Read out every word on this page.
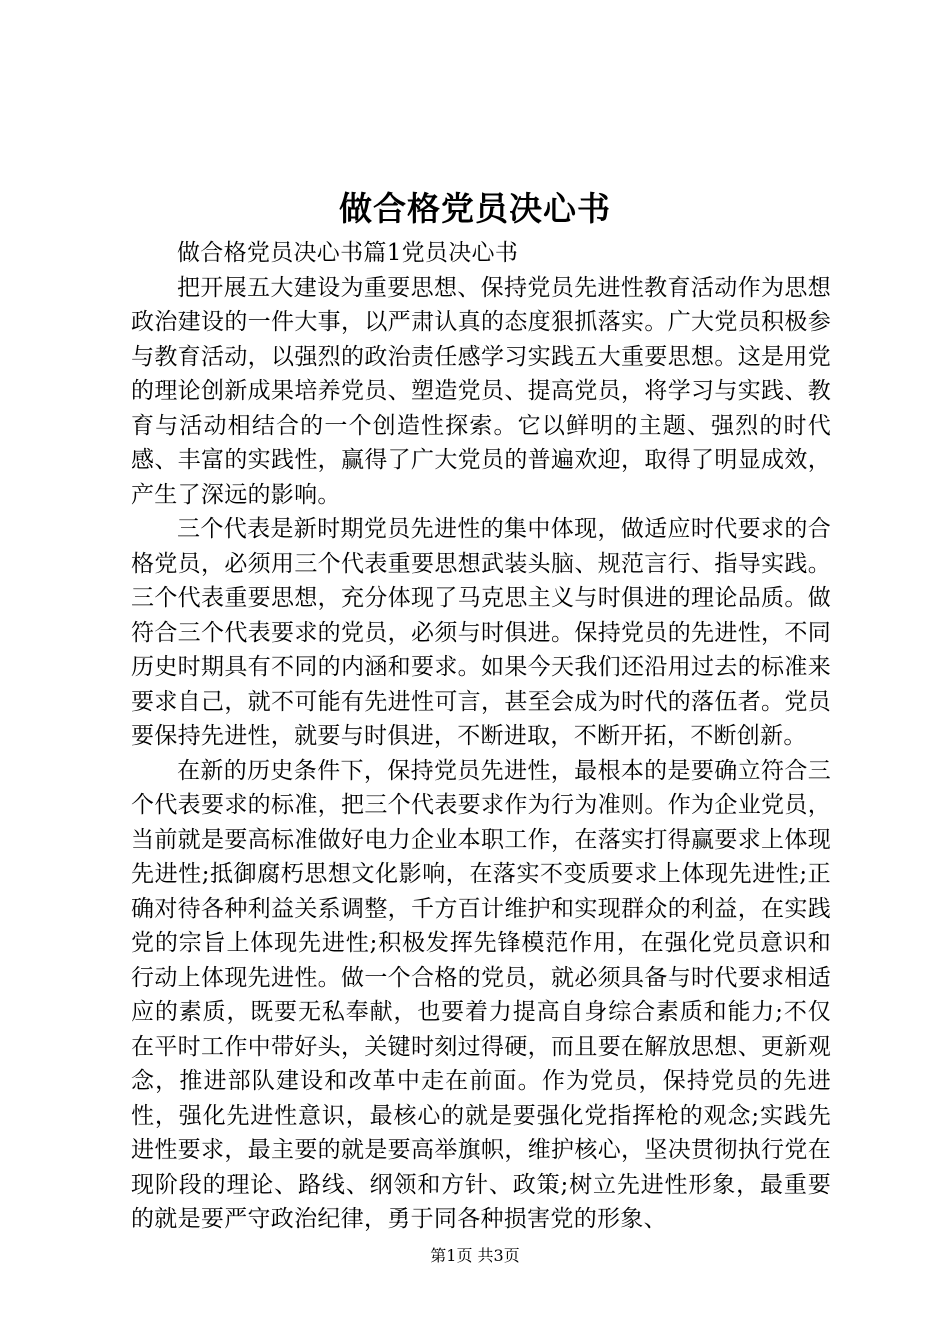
做合格党员决心书

做合格党员决心书篇1党员决心书

把开展五大建设为重要思想、保持党员先进性教育活动作为思想政治建设的一件大事，以严肃认真的态度狠抓落实。广大党员积极参与教育活动，以强烈的政治责任感学习实践五大重要思想。这是用党的理论创新成果培养党员、塑造党员、提高党员，将学习与实践、教育与活动相结合的一个创造性探索。它以鲜明的主题、强烈的时代感、丰富的实践性，赢得了广大党员的普遍欢迎，取得了明显成效，产生了深远的影响。

三个代表是新时期党员先进性的集中体现，做适应时代要求的合格党员，必须用三个代表重要思想武装头脑、规范言行、指导实践。三个代表重要思想，充分体现了马克思主义与时俱进的理论品质。做符合三个代表要求的党员，必须与时俱进。保持党员的先进性，不同历史时期具有不同的内涵和要求。如果今天我们还沿用过去的标准来要求自己，就不可能有先进性可言，甚至会成为时代的落伍者。党员要保持先进性，就要与时俱进，不断进取，不断开拓，不断创新。

在新的历史条件下，保持党员先进性，最根本的是要确立符合三个代表要求的标准，把三个代表要求作为行为准则。作为企业党员，当前就是要高标准做好电力企业本职工作，在落实打得赢要求上体现先进性;抵御腐朽思想文化影响，在落实不变质要求上体现先进性;正确对待各种利益关系调整，千方百计维护和实现群众的利益，在实践党的宗旨上体现先进性;积极发挥先锋模范作用，在强化党员意识和行动上体现先进性。做一个合格的党员，就必须具备与时代要求相适应的素质，既要无私奉献，也要着力提高自身综合素质和能力;不仅在平时工作中带好头，关键时刻过得硬，而且要在解放思想、更新观念，推进部队建设和改革中走在前面。作为党员，保持党员的先进性，强化先进性意识，最核心的就是要强化党指挥枪的观念;实践先进性要求，最主要的就是要高举旗帜，维护核心，坚决贯彻执行党在现阶段的理论、路线、纲领和方针、政策;树立先进性形象，最重要的就是要严守政治纪律，勇于同各种损害党的形象、

第1页 共3页
